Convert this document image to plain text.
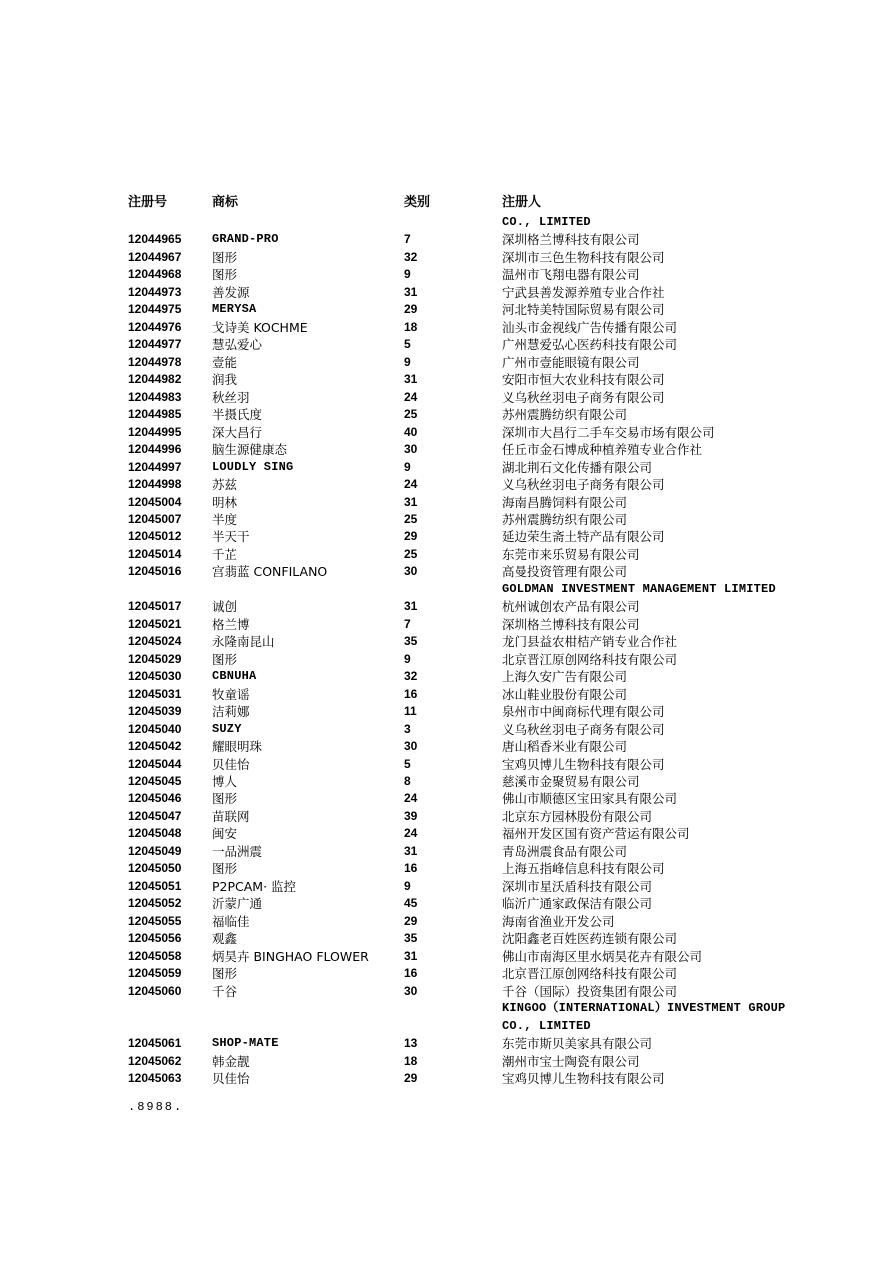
注册号	商标	类别	注册人
CO., LIMITED
12044965	GRAND-PRO	7	深圳格兰博科技有限公司
12044967 图形	32	深圳市三色生物科技有限公司
12044968 图形	9	温州市飞翔电器有限公司
12044973 善发源	31	宁武县善发源养殖专业合作社
12044975	MERYSA	29	河北特美特国际贸易有限公司
12044976 戈诗美 KOCHME	18	汕头市金视线广告传播有限公司
12044977 慧弘爱心	5	广州慧爱弘心医药科技有限公司
12044978 壹能	9	广州市壹能眼镜有限公司
12044982 润我	31	安阳市恒大农业科技有限公司
12044983 秋丝羽	24	义乌秋丝羽电子商务有限公司
12044985 半摄氏度	25	苏州震腾纺织有限公司
12044995 深大昌行	40	深圳市大昌行二手车交易市场有限公司
12044996 脑生源健康态	30	任丘市金石博成种植养殖专业合作社
12044997	LOUDLY SING	9	湖北荆石文化传播有限公司
12044998 苏兹	24	义乌秋丝羽电子商务有限公司
12045004 明林	31	海南昌腾饲料有限公司
12045007 半度	25	苏州震腾纺织有限公司
12045012 半天干	29	延边荣生斋土特产品有限公司
12045014 千芷	25	东莞市来乐贸易有限公司
12045016 宫翡蓝 CONFILANO	30	高曼投资管理有限公司
GOLDMAN INVESTMENT MANAGEMENT LIMITED
12045017 诚创	31	杭州诚创农产品有限公司
12045021 格兰博	7	深圳格兰博科技有限公司
12045024 永隆南昆山	35	龙门县益农柑桔产销专业合作社
12045029 图形	9	北京晋江原创网络科技有限公司
12045030	CBNUHA	32	上海久安广告有限公司
12045031 牧童谣	16	冰山鞋业股份有限公司
12045039 洁莉娜	11	泉州市中闽商标代理有限公司
12045040	SUZY	3	义乌秋丝羽电子商务有限公司
12045042 耀眼明珠	30	唐山稻香米业有限公司
12045044 贝佳怡	5	宝鸡贝博儿生物科技有限公司
12045045 博人	8	慈溪市金聚贸易有限公司
12045046 图形	24	佛山市顺德区宝田家具有限公司
12045047 苗联网	39	北京东方园林股份有限公司
12045048 闽安	24	福州开发区国有资产营运有限公司
12045049 一品洲震	31	青岛洲震食品有限公司
12045050 图形	16	上海五指峰信息科技有限公司
12045051 P2PCAM· 监控	9	深圳市星沃盾科技有限公司
12045052 沂蒙广通	45	临沂广通家政保洁有限公司
12045055 福临佳	29	海南省渔业开发公司
12045056 观鑫	35	沈阳鑫老百姓医药连锁有限公司
12045058 炳昊卉 BINGHAO FLOWER	31	佛山市南海区里水炳昊花卉有限公司
12045059 图形	16	北京晋江原创网络科技有限公司
12045060 千谷	30	千谷（国际）投资集团有限公司
KINGOO（INTERNATIONAL）INVESTMENT GROUP
CO., LIMITED
12045061	SHOP-MATE	13	东莞市斯贝美家具有限公司
12045062 韩金靓	18	潮州市宝士陶瓷有限公司
12045063 贝佳怡	29	宝鸡贝博儿生物科技有限公司
.8988.
